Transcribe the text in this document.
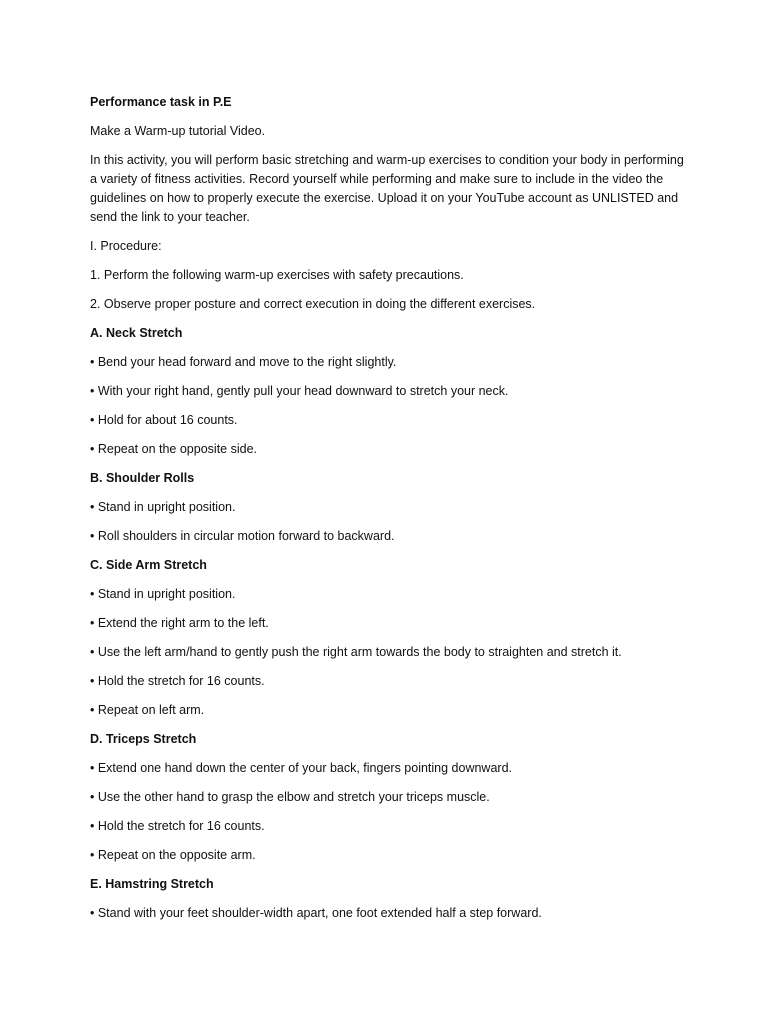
Performance task in P.E

Make a Warm-up tutorial Video.

In this activity, you will perform basic stretching and warm-up exercises to condition your body in performing a variety of fitness activities. Record yourself while performing and make sure to include in the video the guidelines on how to properly execute the exercise. Upload it on your YouTube account as UNLISTED and send the link to your teacher.

I. Procedure:

1. Perform the following warm-up exercises with safety precautions.

2. Observe proper posture and correct execution in doing the different exercises.

A. Neck Stretch

• Bend your head forward and move to the right slightly.

• With your right hand, gently pull your head downward to stretch your neck.

• Hold for about 16 counts.

• Repeat on the opposite side.

B. Shoulder Rolls

• Stand in upright position.

• Roll shoulders in circular motion forward to backward.

C. Side Arm Stretch

• Stand in upright position.

• Extend the right arm to the left.

• Use the left arm/hand to gently push the right arm towards the body to straighten and stretch it.

• Hold the stretch for 16 counts.

• Repeat on left arm.

D. Triceps Stretch

• Extend one hand down the center of your back, fingers pointing downward.

• Use the other hand to grasp the elbow and stretch your triceps muscle.

• Hold the stretch for 16 counts.

• Repeat on the opposite arm.

E. Hamstring Stretch

• Stand with your feet shoulder-width apart, one foot extended half a step forward.
